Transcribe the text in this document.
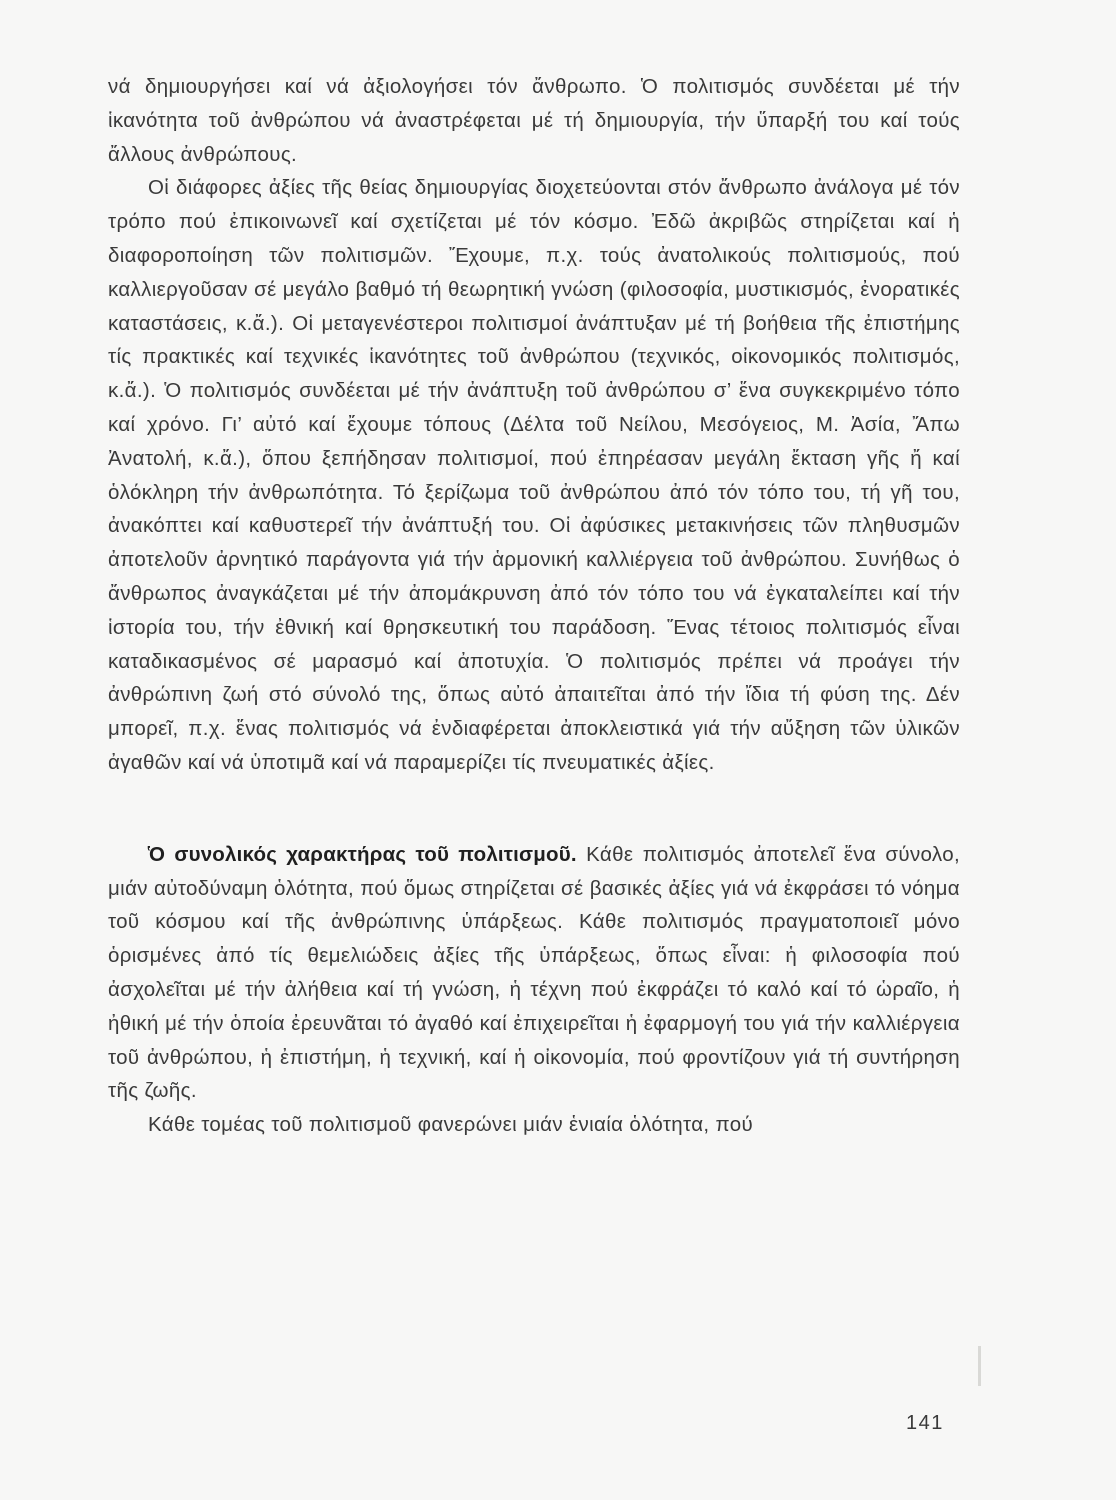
νά δημιουργήσει καί νά ἀξιολογήσει τόν ἄνθρωπο. Ὁ πολιτισμός συνδέεται μέ τήν ἱκανότητα τοῦ ἀνθρώπου νά ἀναστρέφεται μέ τή δημιουργία, τήν ὕπαρξή του καί τούς ἄλλους ἀνθρώπους.

Οἱ διάφορες ἀξίες τῆς θείας δημιουργίας διοχετεύονται στόν ἄνθρωπο ἀνάλογα μέ τόν τρόπο πού ἐπικοινωνεῖ καί σχετίζεται μέ τόν κόσμο. Ἐδῶ ἀκριβῶς στηρίζεται καί ἡ διαφοροποίηση τῶν πολιτισμῶν. Ἔχουμε, π.χ. τούς ἀνατολικούς πολιτισμούς, πού καλλιεργοῦσαν σέ μεγάλο βαθμό τή θεωρητική γνώση (φιλοσοφία, μυστικισμός, ἐνορατικές καταστάσεις, κ.ἄ.). Οἱ μεταγενέστεροι πολιτισμοί ἀνάπτυξαν μέ τή βοήθεια τῆς ἐπιστήμης τίς πρακτικές καί τεχνικές ἱκανότητες τοῦ ἀνθρώπου (τεχνικός, οἰκονομικός πολιτισμός, κ.ἄ.). Ὁ πολιτισμός συνδέεται μέ τήν ἀνάπτυξη τοῦ ἀνθρώπου σ’ ἕνα συγκεκριμένο τόπο καί χρόνο. Γι’ αὐτό καί ἔχουμε τόπους (Δέλτα τοῦ Νείλου, Μεσόγειος, Μ. Ἀσία, Ἄπω Ἀνατολή, κ.ἄ.), ὅπου ξεπήδησαν πολιτισμοί, πού ἐπηρέασαν μεγάλη ἔκταση γῆς ἤ καί ὁλόκληρη τήν ἀνθρωπότητα. Τό ξερίζωμα τοῦ ἀνθρώπου ἀπό τόν τόπο του, τή γῆ του, ἀνακόπτει καί καθυστερεῖ τήν ἀνάπτυξή του. Οἱ ἀφύσικες μετακινήσεις τῶν πληθυσμῶν ἀποτελοῦν ἀρνητικό παράγοντα γιά τήν ἁρμονική καλλιέργεια τοῦ ἀνθρώπου. Συνήθως ὁ ἄνθρωπος ἀναγκάζεται μέ τήν ἀπομάκρυνση ἀπό τόν τόπο του νά ἐγκαταλείπει καί τήν ἱστορία του, τήν ἐθνική καί θρησκευτική του παράδοση. Ἕνας τέτοιος πολιτισμός εἶναι καταδικασμένος σέ μαρασμό καί ἀποτυχία. Ὁ πολιτισμός πρέπει νά προάγει τήν ἀνθρώπινη ζωή στό σύνολό της, ὅπως αὐτό ἀπαιτεῖται ἀπό τήν ἴδια τή φύση της. Δέν μπορεῖ, π.χ. ἕνας πολιτισμός νά ἐνδιαφέρεται ἀποκλειστικά γιά τήν αὔξηση τῶν ὑλικῶν ἀγαθῶν καί νά ὑποτιμᾶ καί νά παραμερίζει τίς πνευματικές ἀξίες.

Ὁ συνολικός χαρακτήρας τοῦ πολιτισμοῦ. Κάθε πολιτισμός ἀποτελεῖ ἕνα σύνολο, μιάν αὐτοδύναμη ὁλότητα, πού ὅμως στηρίζεται σέ βασικές ἀξίες γιά νά ἐκφράσει τό νόημα τοῦ κόσμου καί τῆς ἀνθρώπινης ὑπάρξεως. Κάθε πολιτισμός πραγματοποιεῖ μόνο ὁρισμένες ἀπό τίς θεμελιώδεις ἀξίες τῆς ὑπάρξεως, ὅπως εἶναι: ἡ φιλοσοφία πού ἀσχολεῖται μέ τήν ἀλήθεια καί τή γνώση, ἡ τέχνη πού ἐκφράζει τό καλό καί τό ὡραῖο, ἡ ἠθική μέ τήν ὁποία ἐρευνᾶται τό ἀγαθό καί ἐπιχειρεῖται ἡ ἐφαρμογή του γιά τήν καλλιέργεια τοῦ ἀνθρώπου, ἡ ἐπιστήμη, ἡ τεχνική, καί ἡ οἰκονομία, πού φροντίζουν γιά τή συντήρηση τῆς ζωῆς.

Κάθε τομέας τοῦ πολιτισμοῦ φανερώνει μιάν ἑνιαία ὁλότητα, πού

141
